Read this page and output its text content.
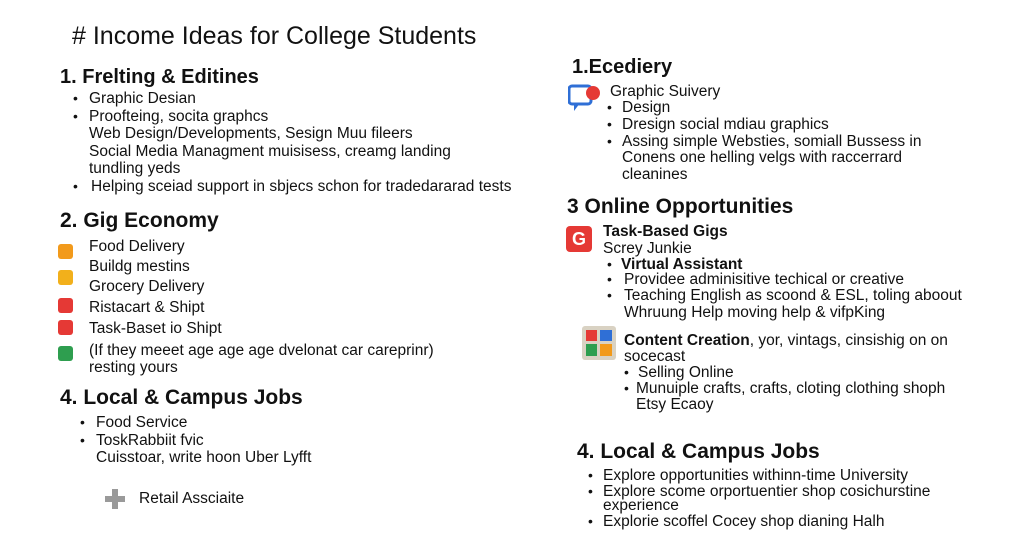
# Income Ideas for College Students
1. Frelting & Editines
• Graphic Desian
• Proofteing, socita graphcs
Web Design/Developments, Sesign Muu fileers
Social Media Managment muisisess, creamg landing
tundling yeds
• Helping sceiad support in sbjecs schon for tradedararad tests
2. Gig Economy
Food Delivery
Buildg mestins
Grocery Delivery
Ristacart & Shipt
Task-Baset io Shipt
(If they meeet age age age dvelonat car careprinr)
resting yours
4. Local & Campus Jobs
• Food Service
• ToskRabbiit fvic
Cuisstoar, write hoon Uber Lyfft
Retail Assciaite
1.Ecediery
Graphic Suivery
• Design
• Dresign social mdiau graphics
• Assing simple Websties, somiall Bussess in
Conens one helling velgs with raccerrard
cleanines
3 Online Opportunities
G	Task-Based Gigs
Screy Junkie
• Virtual Assistant
• Providee adminisitive techical or creative
• Teaching English as scoond & ESL, toling aboout
Whruung Help moving help & vifpKing
Content Creation, yor, vintags, cinsishig on on
socecast
• Selling Online
• Munuiple crafts, crafts, cloting clothing shoph
Etsy Ecaoy
4. Local & Campus Jobs
• Explore opportunities withinn-time University
• Explore scome orportuentier shop cosichurstine
experience
• Explorie scoffel Cocey shop dianing Halh
